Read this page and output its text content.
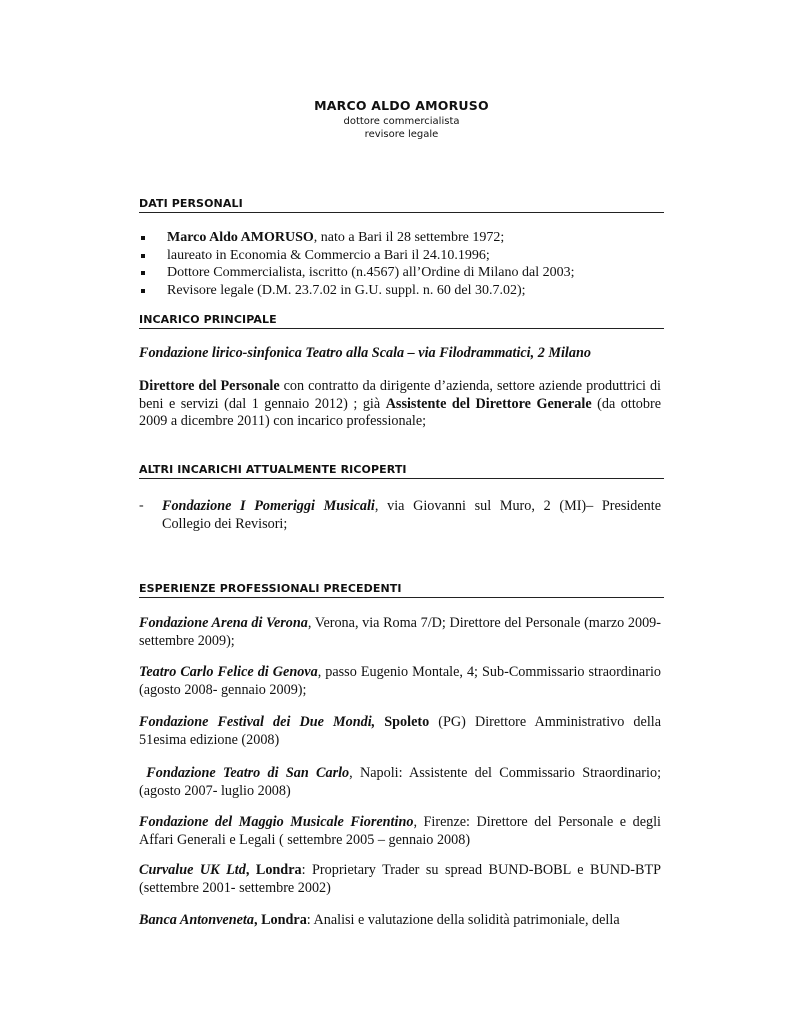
MARCO ALDO AMORUSO
dottore commercialista
revisore legale
DATI PERSONALI
Marco Aldo AMORUSO, nato a Bari il 28 settembre 1972;
laureato in Economia & Commercio a Bari il 24.10.1996;
Dottore Commercialista, iscritto (n.4567) all’Ordine di Milano dal 2003;
Revisore legale (D.M. 23.7.02 in G.U. suppl. n. 60 del 30.7.02);
INCARICO PRINCIPALE
Fondazione lirico-sinfonica Teatro alla Scala – via Filodrammatici, 2 Milano
Direttore del Personale con contratto da dirigente d’azienda, settore aziende produttrici di beni e servizi (dal 1 gennaio 2012) ; già Assistente del Direttore Generale (da ottobre 2009 a dicembre 2011) con incarico professionale;
ALTRI INCARICHI ATTUALMENTE RICOPERTI
- Fondazione I Pomeriggi Musicali, via Giovanni sul Muro, 2 (MI)– Presidente Collegio dei Revisori;
ESPERIENZE PROFESSIONALI PRECEDENTI
Fondazione Arena di Verona, Verona, via Roma 7/D; Direttore del Personale (marzo 2009- settembre 2009);
Teatro Carlo Felice di Genova, passo Eugenio Montale, 4; Sub-Commissario straordinario (agosto 2008- gennaio 2009);
Fondazione Festival dei Due Mondi, Spoleto (PG) Direttore Amministrativo della 51esima edizione (2008)
Fondazione Teatro di San Carlo, Napoli: Assistente del Commissario Straordinario; (agosto 2007- luglio 2008)
Fondazione del Maggio Musicale Fiorentino, Firenze: Direttore del Personale e degli Affari Generali e Legali ( settembre 2005 – gennaio 2008)
Curvalue UK Ltd, Londra: Proprietary Trader su spread BUND-BOBL e BUND-BTP (settembre 2001- settembre 2002)
Banca Antonveneta, Londra: Analisi e valutazione della solidità patrimoniale, della
